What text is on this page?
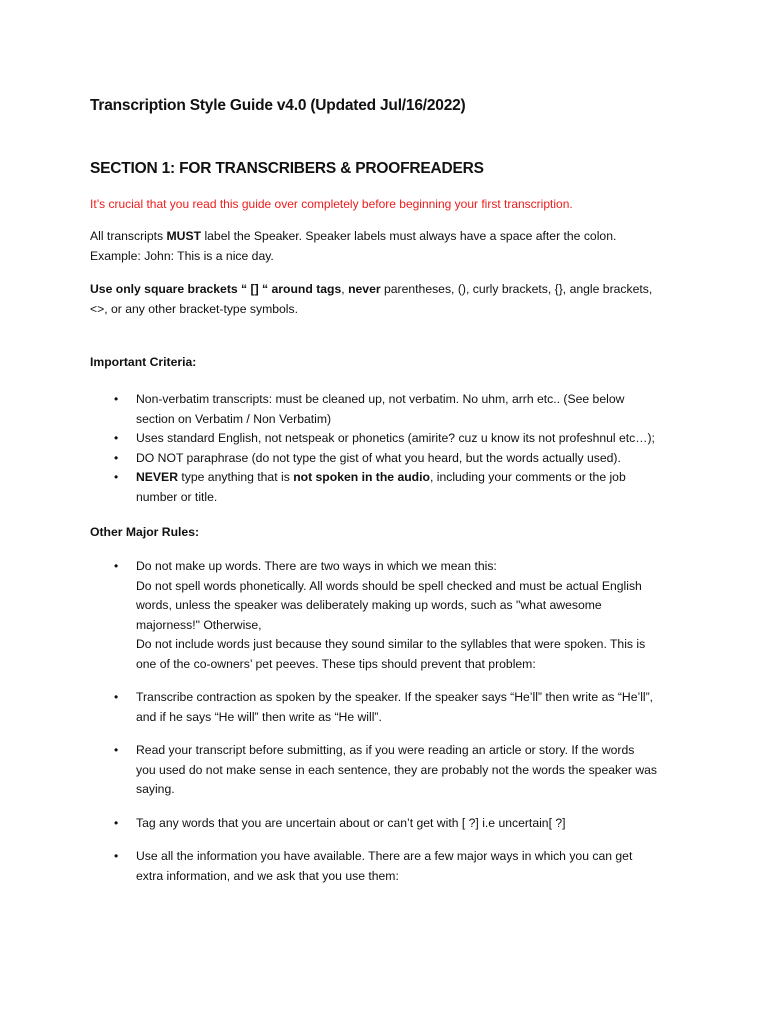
Transcription Style Guide v4.0 (Updated Jul/16/2022)
SECTION 1: FOR TRANSCRIBERS & PROOFREADERS
It’s crucial that you read this guide over completely before beginning your first transcription.

All transcripts MUST label the Speaker. Speaker labels must always have a space after the colon.

Example: John: This is a nice day.

Use only square brackets “ [] “ around tags, never parentheses, (), curly brackets, {}, angle brackets,

<>, or any other bracket-type symbols.

Important Criteria:
• Non-verbatim transcripts: must be cleaned up, not verbatim. No uhm, arrh etc.. (See below
section on Verbatim / Non Verbatim)
• Uses standard English, not netspeak or phonetics (amirite? cuz u know its not profeshnul etc…);
• DO NOT paraphrase (do not type the gist of what you heard, but the words actually used).
• NEVER type anything that is not spoken in the audio, including your comments or the job
number or title.
Other Major Rules:
• Do not make up words. There are two ways in which we mean this:
Do not spell words phonetically. All words should be spell checked and must be actual English
words, unless the speaker was deliberately making up words, such as "what awesome
majorness!" Otherwise,
Do not include words just because they sound similar to the syllables that were spoken. This is
one of the co-owners’ pet peeves. These tips should prevent that problem:
• Transcribe contraction as spoken by the speaker. If the speaker says “He’ll” then write as “He’ll”,
and if he says “He will” then write as “He will”.
• Read your transcript before submitting, as if you were reading an article or story. If the words
you used do not make sense in each sentence, they are probably not the words the speaker was
saying.
• Tag any words that you are uncertain about or can’t get with [ ?] i.e uncertain[ ?]
• Use all the information you have available. There are a few major ways in which you can get
extra information, and we ask that you use them:
